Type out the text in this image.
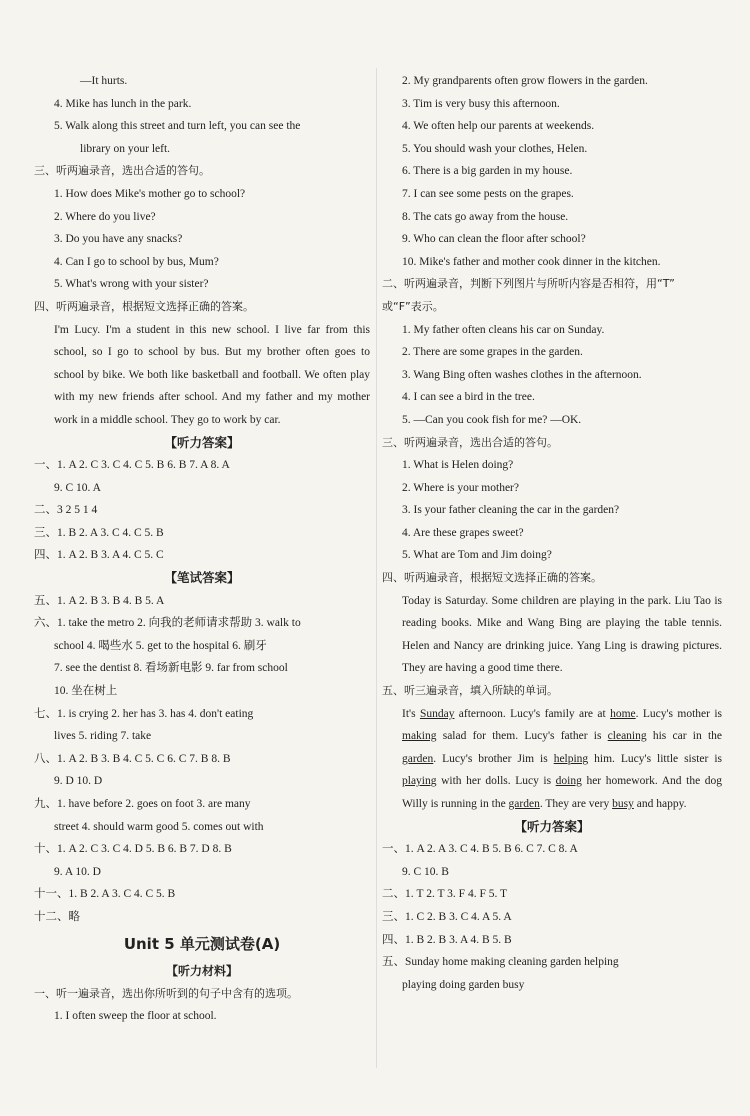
—It hurts.
4. Mike has lunch in the park.
5. Walk along this street and turn left, you can see the
library on your left.
三、听两遍录音，选出合适的答句。
1. How does Mike's mother go to school?
2. Where do you live?
3. Do you have any snacks?
4. Can I go to school by bus, Mum?
5. What's wrong with your sister?
四、听两遍录音，根据短文选择正确的答案。

I'm Lucy. I'm a student in this new school. I live far from this school, so I go to school by bus. But my brother often goes to school by bike. We both like basketball and football. We often play with my new friends after school. And my father and my mother work in a middle school. They go to work by car.

【听力答案】
一、1. A 2. C 3. C 4. C 5. B 6. B 7. A 8. A
9. C 10. A
二、3 2 5 1 4
三、1. B 2. A 3. C 4. C 5. B
四、1. A 2. B 3. A 4. C 5. C
【笔试答案】
五、1. A 2. B 3. B 4. B 5. A
六、1. take the metro 2. 向我的老师请求帮助 3. walk to
school 4. 喝些水 5. get to the hospital 6. 刷牙
7. see the dentist 8. 看场新电影 9. far from school
10. 坐在树上
七、1. is crying 2. her has 3. has 4. don't eating
lives 5. riding 7. take
八、1. A 2. B 3. B 4. C 5. C 6. C 7. B 8. B
9. D 10. D
九、1. have before 2. goes on foot 3. are many
street 4. should warm good 5. comes out with
十、1. A 2. C 3. C 4. D 5. B 6. B 7. D 8. B
9. A 10. D
十一、1. B 2. A 3. C 4. C 5. B
十二、略
Unit 5 单元测试卷(A)
【听力材料】
一、听一遍录音，选出你所听到的句子中含有的选项。
1. I often sweep the floor at school.
2. My grandparents often grow flowers in the garden.
3. Tim is very busy this afternoon.
4. We often help our parents at weekends.
5. You should wash your clothes, Helen.
6. There is a big garden in my house.
7. I can see some pests on the grapes.
8. The cats go away from the house.
9. Who can clean the floor after school?
10. Mike's father and mother cook dinner in the kitchen.
二、听两遍录音，判断下列图片与所听内容是否相符，用“T”
或“F”表示。
1. My father often cleans his car on Sunday.
2. There are some grapes in the garden.
3. Wang Bing often washes clothes in the afternoon.
4. I can see a bird in the tree.
5. —Can you cook fish for me? —OK.
三、听两遍录音，选出合适的答句。
1. What is Helen doing?
2. Where is your mother?
3. Is your father cleaning the car in the garden?
4. Are these grapes sweet?
5. What are Tom and Jim doing?
四、听两遍录音，根据短文选择正确的答案。

Today is Saturday. Some children are playing in the park. Liu Tao is reading books. Mike and Wang Bing are playing the table tennis. Helen and Nancy are drinking juice. Yang Ling is drawing pictures. They are having a good time there.

五、听三遍录音，填入所缺的单词。

It's Sunday afternoon. Lucy's family are at home. Lucy's mother is making salad for them. Lucy's father is cleaning his car in the garden. Lucy's brother Jim is helping him. Lucy's little sister is playing with her dolls. Lucy is doing her homework. And the dog Willy is running in the garden. They are very busy and happy.

【听力答案】
一、1. A 2. A 3. C 4. B 5. B 6. C 7. C 8. A
9. C 10. B
二、1. T 2. T 3. F 4. F 5. T
三、1. C 2. B 3. C 4. A 5. A
四、1. B 2. B 3. A 4. B 5. B
五、Sunday home making cleaning garden helping
playing doing garden busy
